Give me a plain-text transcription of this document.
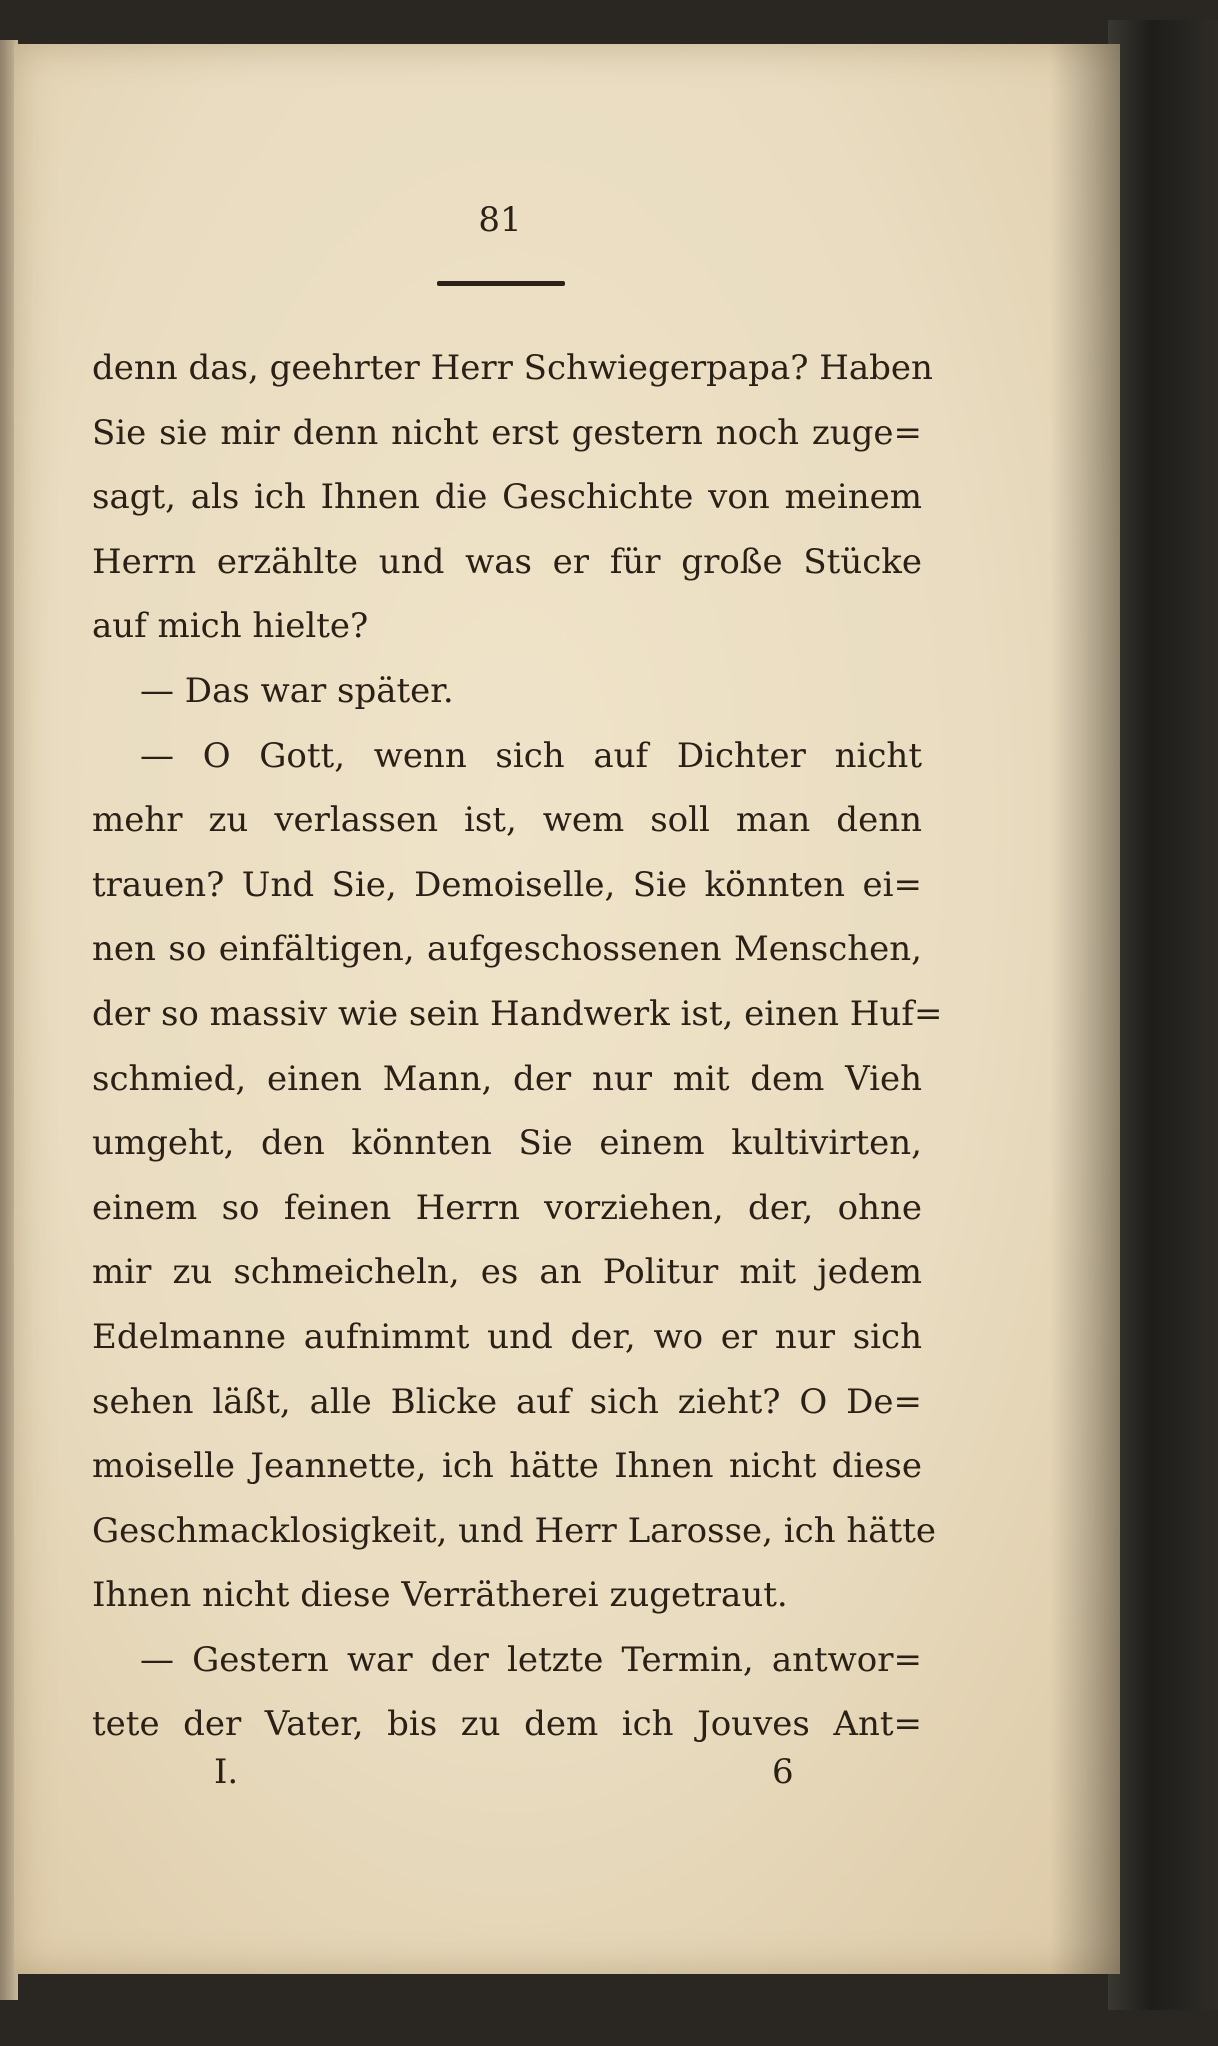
81
denn das, geehrter Herr Schwiegerpapa? Haben
Sie sie mir denn nicht erst gestern noch zuge=
sagt, als ich Ihnen die Geschichte von meinem
Herrn erzählte und was er für große Stücke
auf mich hielte?
— Das war später.
— O Gott, wenn sich auf Dichter nicht
mehr zu verlassen ist, wem soll man denn
trauen? Und Sie, Demoiselle, Sie könnten ei=
nen so einfältigen, aufgeschossenen Menschen,
der so massiv wie sein Handwerk ist, einen Huf=
schmied, einen Mann, der nur mit dem Vieh
umgeht, den könnten Sie einem kultivirten,
einem so feinen Herrn vorziehen, der, ohne
mir zu schmeicheln, es an Politur mit jedem
Edelmanne aufnimmt und der, wo er nur sich
sehen läßt, alle Blicke auf sich zieht? O De=
moiselle Jeannette, ich hätte Ihnen nicht diese
Geschmacklosigkeit, und Herr Larosse, ich hätte
Ihnen nicht diese Verrätherei zugetraut.
— Gestern war der letzte Termin, antwor=
tete der Vater, bis zu dem ich Jouves Ant=
I.	6
